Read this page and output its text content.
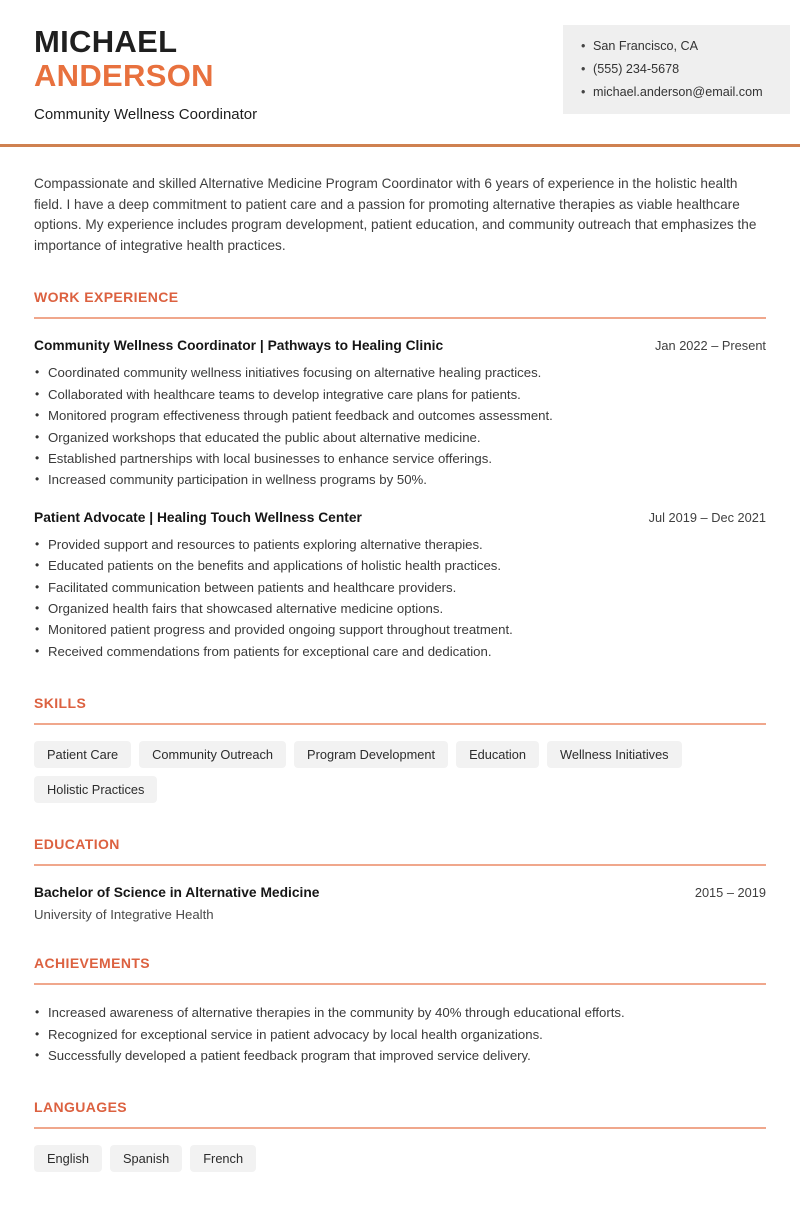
MICHAEL
ANDERSON
Community Wellness Coordinator
• San Francisco, CA
• (555) 234-5678
• michael.anderson@email.com

Compassionate and skilled Alternative Medicine Program Coordinator with 6 years of experience in the holistic health field. I have a deep commitment to patient care and a passion for promoting alternative therapies as viable healthcare options. My experience includes program development, patient education, and community outreach that emphasizes the importance of integrative health practices.

WORK EXPERIENCE
Community Wellness Coordinator | Pathways to Healing Clinic	Jan 2022 – Present
• Coordinated community wellness initiatives focusing on alternative healing practices.
• Collaborated with healthcare teams to develop integrative care plans for patients.
• Monitored program effectiveness through patient feedback and outcomes assessment.
• Organized workshops that educated the public about alternative medicine.
• Established partnerships with local businesses to enhance service offerings.
• Increased community participation in wellness programs by 50%.
Patient Advocate | Healing Touch Wellness Center	Jul 2019 – Dec 2021
• Provided support and resources to patients exploring alternative therapies.
• Educated patients on the benefits and applications of holistic health practices.
• Facilitated communication between patients and healthcare providers.
• Organized health fairs that showcased alternative medicine options.
• Monitored patient progress and provided ongoing support throughout treatment.
• Received commendations from patients for exceptional care and dedication.
SKILLS
Patient Care	Community Outreach	Program Development	Education	Wellness Initiatives
Holistic Practices
EDUCATION
Bachelor of Science in Alternative Medicine	2015 – 2019
University of Integrative Health
ACHIEVEMENTS
• Increased awareness of alternative therapies in the community by 40% through educational efforts.
• Recognized for exceptional service in patient advocacy by local health organizations.
• Successfully developed a patient feedback program that improved service delivery.
LANGUAGES
English	Spanish	French
